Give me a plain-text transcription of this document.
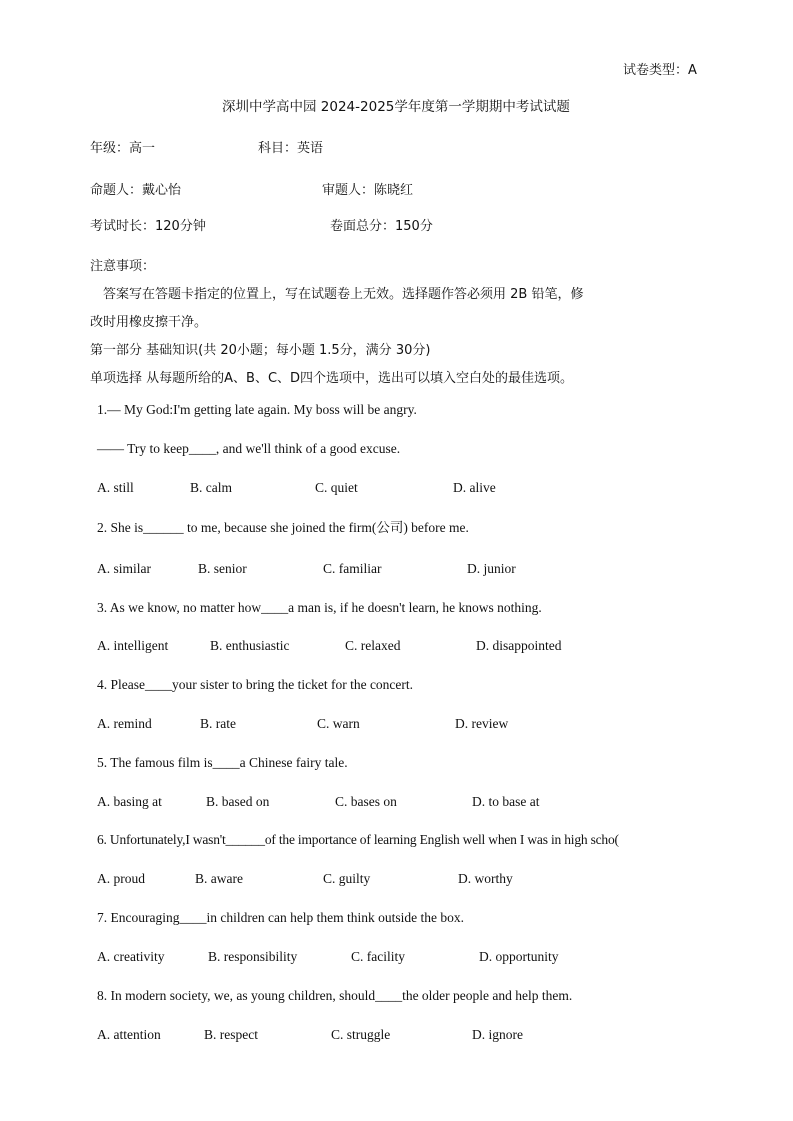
试卷类型：A
深圳中学高中园 2024-2025学年度第一学期期中考试试题
年级：高一	科目：英语
命题人：戴心怡	审题人：陈晓红
考试时长：120分钟	卷面总分：150分
注意事项：
答案写在答题卡指定的位置上，写在试题卷上无效。选择题作答必须用 2B 铅笔，修
改时用橡皮擦干净。
第一部分 基础知识(共 20小题；每小题 1.5分，满分 30分)
单项选择 从每题所给的A、B、C、D四个选项中，选出可以填入空白处的最佳选项。
1.— My God:I'm getting late again. My boss will be angry.
—— Try to keep____, and we'll think of a good excuse.
A. still	B. calm	C. quiet	D. alive
2. She is______ to me, because she joined the firm(公司) before me.
A. similar	B. senior	C. familiar	D. junior
3. As we know, no matter how____a man is, if he doesn't learn, he knows nothing.
A. intelligent	B. enthusiastic	C. relaxed	D. disappointed
4. Please____your sister to bring the ticket for the concert.
A. remind	B. rate	C. warn	D. review
5. The famous film is____a Chinese fairy tale.
A. basing at	B. based on	C. bases on	D. to base at
6. Unfortunately,I wasn't______of the importance of learning English well when I was in high scho(
A. proud	B. aware	C. guilty	D. worthy
7. Encouraging____in children can help them think outside the box.
A. creativity	B. responsibility	C. facility	D. opportunity
8. In modern society, we, as young children, should____the older people and help them.
A. attention	B. respect	C. struggle	D. ignore
